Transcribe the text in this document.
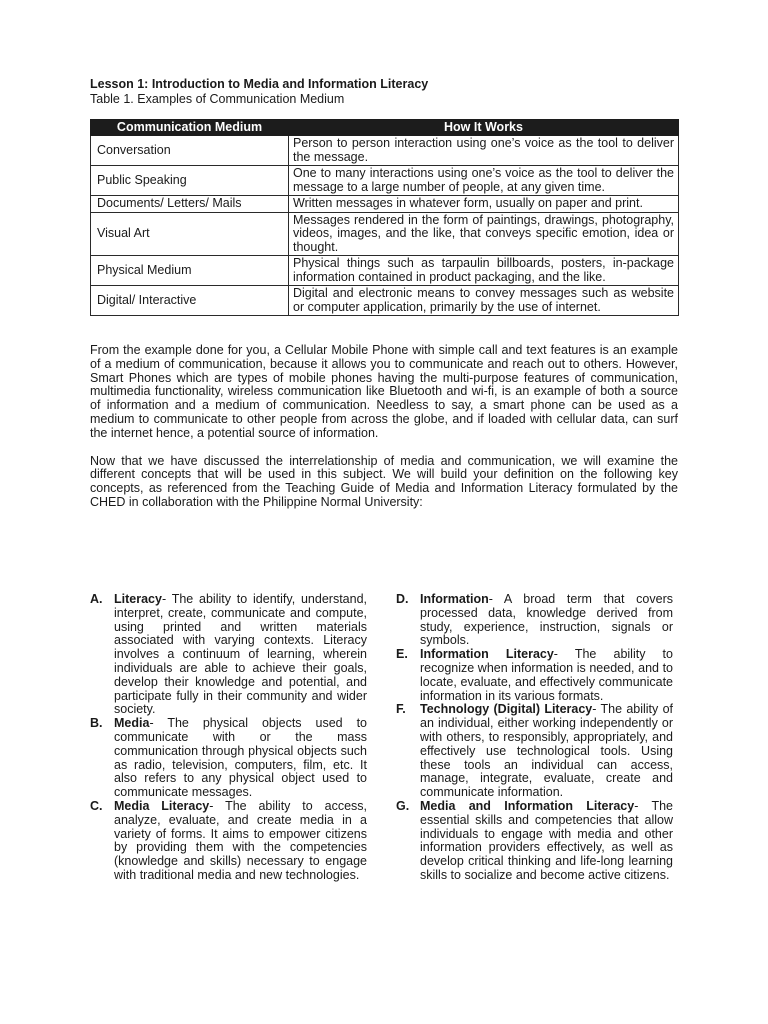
Lesson 1: Introduction to Media and Information Literacy

Table 1. Examples of Communication Medium

Communication Medium	How It Works
Conversation	Person to person interaction using one’s voice as the tool to deliver the message.
Public Speaking	One to many interactions using one’s voice as the tool to deliver the message to a large number of people, at any given time.
Documents/ Letters/ Mails	Written messages in whatever form, usually on paper and print.
Visual Art	Messages rendered in the form of paintings, drawings, photography, videos, images, and the like, that conveys specific emotion, idea or thought.
Physical Medium	Physical things such as tarpaulin billboards, posters, in-package information contained in product packaging, and the like.
Digital/ Interactive	Digital and electronic means to convey messages such as website or computer application, primarily by the use of internet.

From the example done for you, a Cellular Mobile Phone with simple call and text features is an example of a medium of communication, because it allows you to communicate and reach out to others. However, Smart Phones which are types of mobile phones having the multi-purpose features of communication, multimedia functionality, wireless communication like Bluetooth and wi-fi, is an example of both a source of information and a medium of communication. Needless to say, a smart phone can be used as a medium to communicate to other people from across the globe, and if loaded with cellular data, can surf the internet hence, a potential source of information.

Now that we have discussed the interrelationship of media and communication, we will examine the different concepts that will be used in this subject. We will build your definition on the following key concepts, as referenced from the Teaching Guide of Media and Information Literacy formulated by the CHED in collaboration with the Philippine Normal University:

A. Literacy- The ability to identify, understand, interpret, create, communicate and compute, using printed and written materials associated with varying contexts. Literacy involves a continuum of learning, wherein individuals are able to achieve their goals, develop their knowledge and potential, and participate fully in their community and wider society.

B. Media- The physical objects used to communicate with or the mass communication through physical objects such as radio, television, computers, film, etc. It also refers to any physical object used to communicate messages.

C. Media Literacy- The ability to access, analyze, evaluate, and create media in a variety of forms. It aims to empower citizens by providing them with the competencies (knowledge and skills) necessary to engage with traditional media and new technologies.

D. Information- A broad term that covers processed data, knowledge derived from study, experience, instruction, signals or symbols.

E. Information Literacy- The ability to recognize when information is needed, and to locate, evaluate, and effectively communicate information in its various formats.

F. Technology (Digital) Literacy- The ability of an individual, either working independently or with others, to responsibly, appropriately, and effectively use technological tools. Using these tools an individual can access, manage, integrate, evaluate, create and communicate information.

G. Media and Information Literacy- The essential skills and competencies that allow individuals to engage with media and other information providers effectively, as well as develop critical thinking and life-long learning skills to socialize and become active citizens.
